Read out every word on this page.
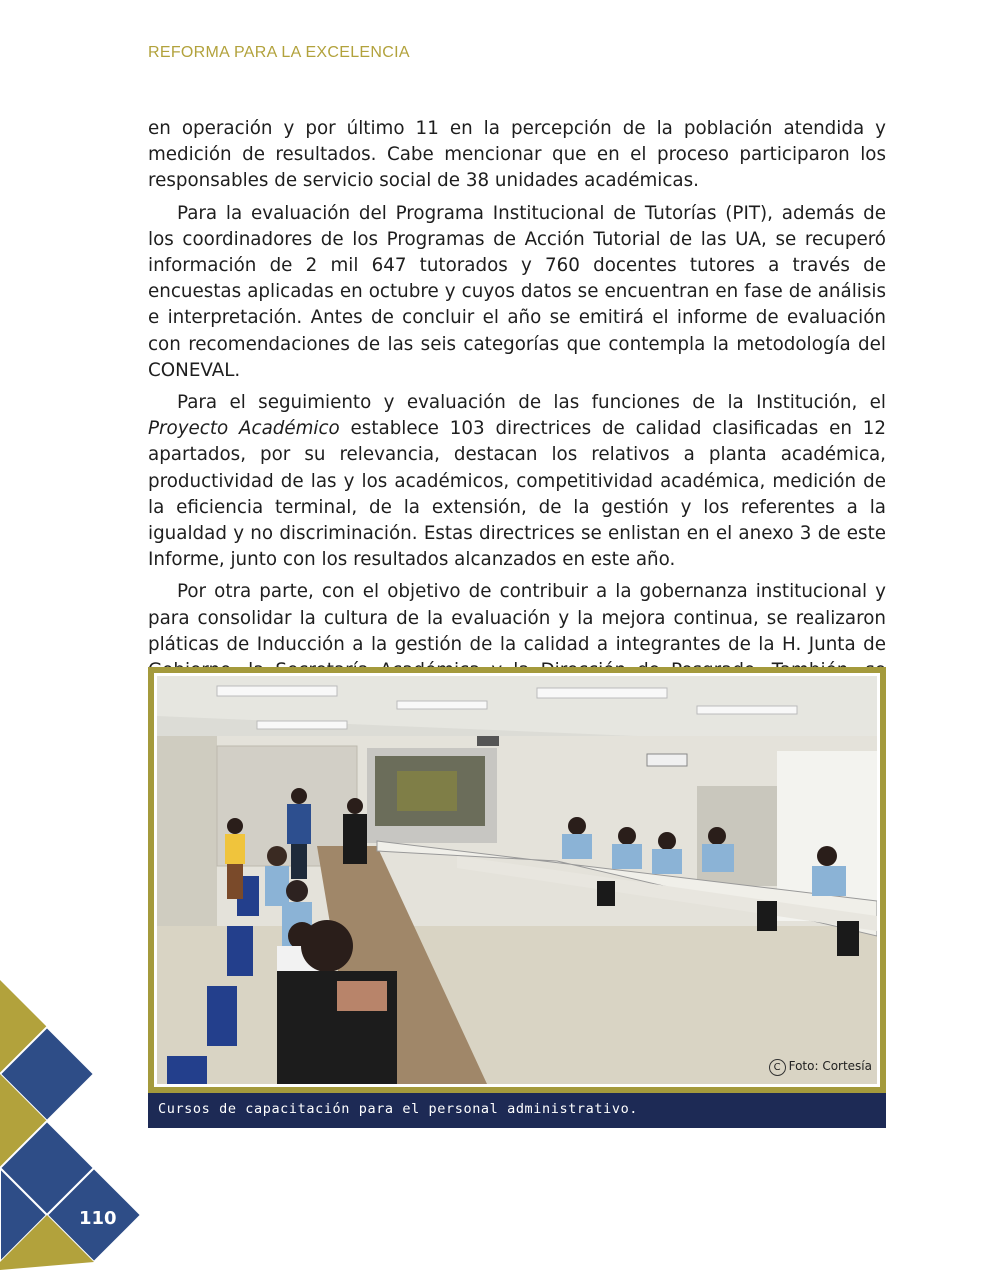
REFORMA PARA LA EXCELENCIA

en operación y por último 11 en la percepción de la población atendida y medición de resultados. Cabe mencionar que en el proceso participaron los responsables de servicio social de 38 unidades académicas.

Para la evaluación del Programa Institucional de Tutorías (PIT), además de los coordinadores de los Programas de Acción Tutorial de las UA, se recuperó información de 2 mil 647 tutorados y 760 docentes tutores a través de encuestas aplicadas en octubre y cuyos datos se encuentran en fase de análisis e interpretación. Antes de concluir el año se emitirá el informe de evaluación con recomendaciones de las seis categorías que contempla la metodología del CONEVAL.

Para el seguimiento y evaluación de las funciones de la Institución, el Proyecto Académico establece 103 directrices de calidad clasificadas en 12 apartados, por su relevancia, destacan los relativos a planta académica, productividad de las y los académicos, competitividad académica, medición de la eficiencia terminal, de la extensión, de la gestión y los referentes a la igualdad y no discriminación. Estas directrices se enlistan en el anexo 3 de este Informe, junto con los resultados alcanzados en este año.

Por otra parte, con el objetivo de contribuir a la gobernanza institucional y para consolidar la cultura de la evaluación y la mejora continua, se realizaron pláticas de Inducción a la gestión de la calidad a integrantes de la H. Junta de

C Foto: Cortesía
Cursos de capacitación para el personal administrativo.
110
